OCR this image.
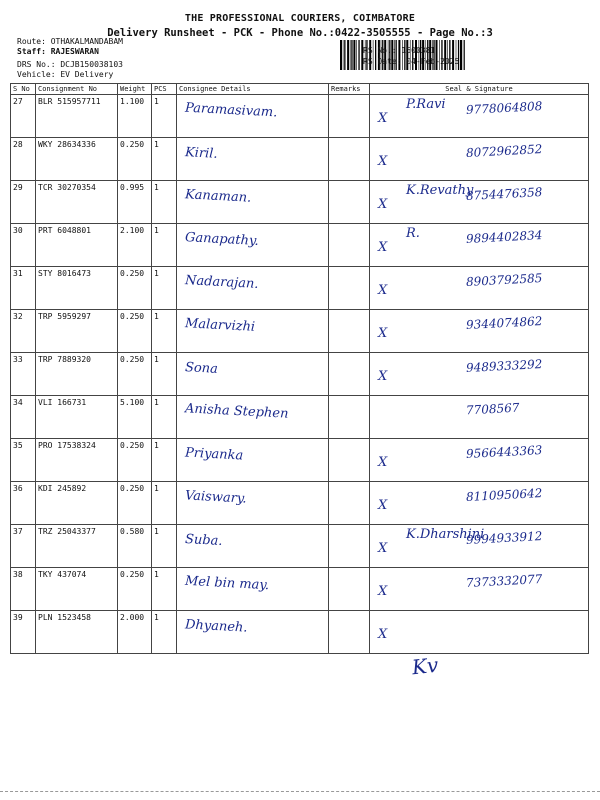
THE PROFESSIONAL COURIERS, COIMBATORE
Delivery Runsheet - PCK - Phone No.:0422-3505555 - Page No.:3
Route: OTHAKALMANDABAM
Staff: RAJESWARAN
DRS No.: DCJB150038103
Vehicle: EV Delivery
RS No.: 1500381
RS Date: 04-Feb-2025
S No	Consignment No	Weight	PCS	Consignee Details	Remarks	Seal & Signature
27	BLR 515957711	1.100	1	Paramasivam.		X
P.Ravi 9778064808

28	WKY 28634336	0.250	1	Kiril.		X
8072962852

29	TCR 30270354	0.995	1	Kanaman.		X
K.Revathy
8754476358

30	PRT 6048801	2.100	1	Ganapathy.		X
R. 9894402834

31	STY 8016473	0.250	1	Nadarajan.		X
8903792585

32	TRP 5959297	0.250	1	Malarvizhi		X
9344074862

33	TRP 7889320	0.250	1	Sona		X
9489333292

34	VLI 166731	5.100	1	Anisha Stephen		7708567

35	PRO 17538324	0.250	1	Priyanka		X
9566443363

36	KDI 245892	0.250	1	Vaiswary.		X
8110950642

37	TRZ 25043377	0.580	1	Suba.		X
K.Dharshini
9994933912

38	TKY 437074	0.250	1	Mel bin may.		X
7373332077

39	PLN 1523458	2.000	1	Dhyaneh.		X
Kv
